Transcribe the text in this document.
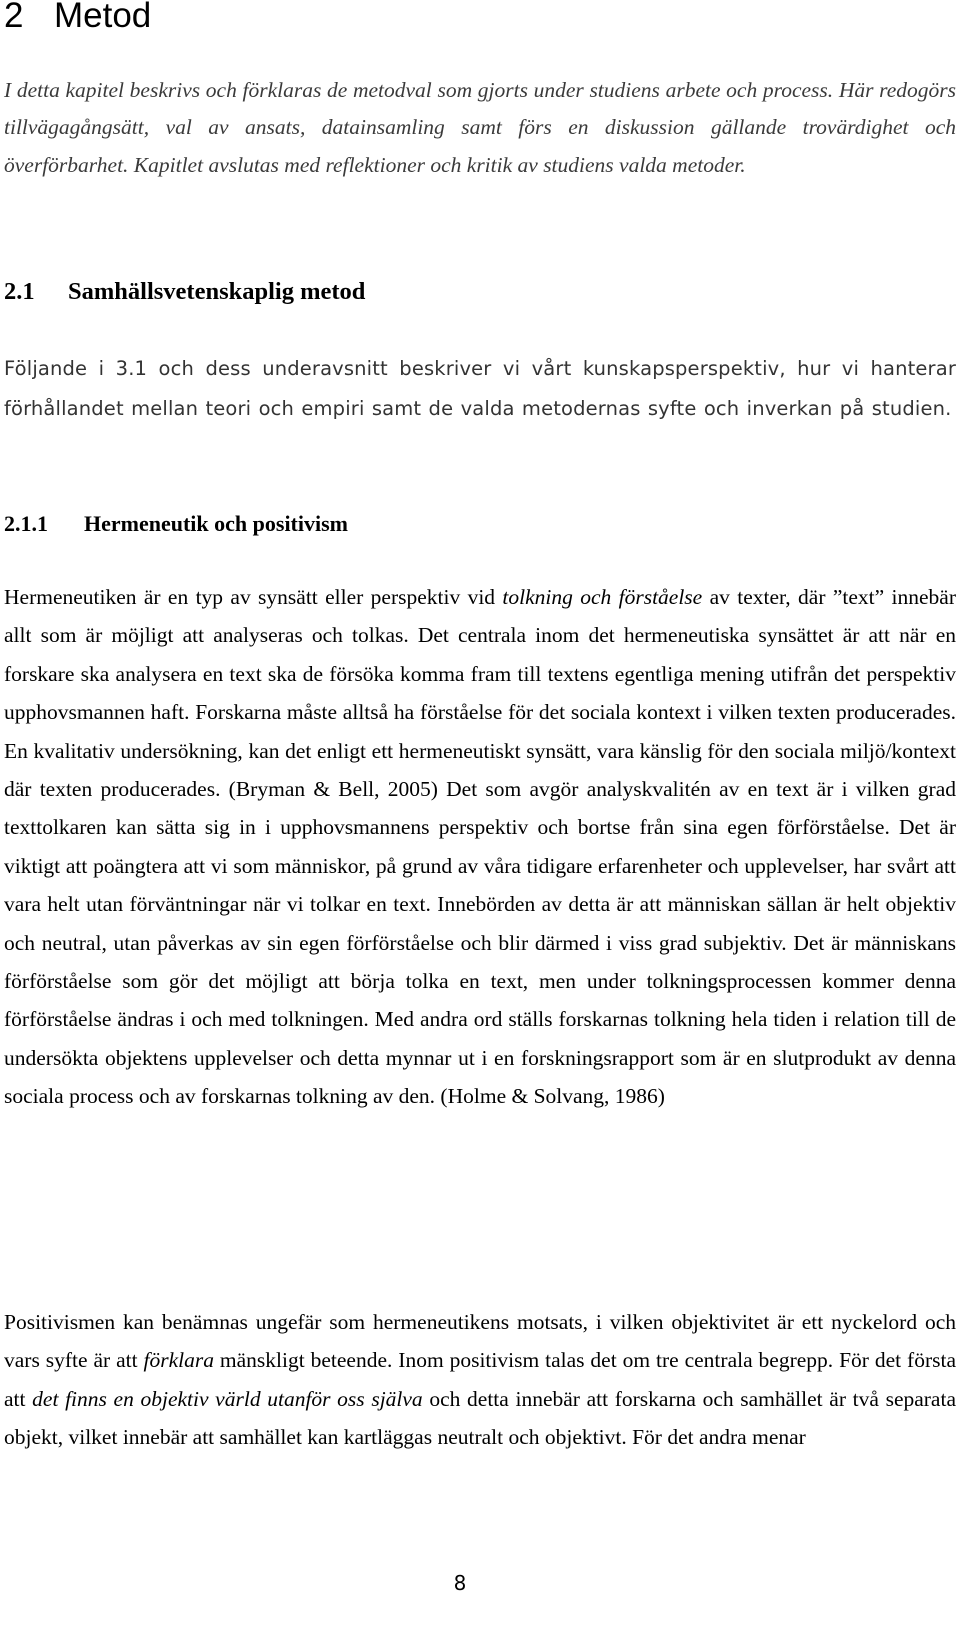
2 Metod

I detta kapitel beskrivs och förklaras de metodval som gjorts under studiens arbete och process. Här redogörs tillvägagångsätt, val av ansats, datainsamling samt förs en diskussion gällande trovärdighet och överförbarhet. Kapitlet avslutas med reflektioner och kritik av studiens valda metoder.

2.1 Samhällsvetenskaplig metod

Följande i 3.1 och dess underavsnitt beskriver vi vårt kunskapsperspektiv, hur vi hanterar förhållandet mellan teori och empiri samt de valda metodernas syfte och inverkan på studien.

2.1.1 Hermeneutik och positivism

Hermeneutiken är en typ av synsätt eller perspektiv vid tolkning och förståelse av texter, där ”text” innebär allt som är möjligt att analyseras och tolkas. Det centrala inom det hermeneutiska synsättet är att när en forskare ska analysera en text ska de försöka komma fram till textens egentliga mening utifrån det perspektiv upphovsmannen haft. Forskarna måste alltså ha förståelse för det sociala kontext i vilken texten producerades. En kvalitativ undersökning, kan det enligt ett hermeneutiskt synsätt, vara känslig för den sociala miljö/kontext där texten producerades. (Bryman & Bell, 2005) Det som avgör analyskvalitén av en text är i vilken grad texttolkaren kan sätta sig in i upphovsmannens perspektiv och bortse från sina egen förförståelse. Det är viktigt att poängtera att vi som människor, på grund av våra tidigare erfarenheter och upplevelser, har svårt att vara helt utan förväntningar när vi tolkar en text. Innebörden av detta är att människan sällan är helt objektiv och neutral, utan påverkas av sin egen förförståelse och blir därmed i viss grad subjektiv. Det är människans förförståelse som gör det möjligt att börja tolka en text, men under tolkningsprocessen kommer denna förförståelse ändras i och med tolkningen. Med andra ord ställs forskarnas tolkning hela tiden i relation till de undersökta objektens upplevelser och detta mynnar ut i en forskningsrapport som är en slutprodukt av denna sociala process och av forskarnas tolkning av den. (Holme & Solvang, 1986)

Positivismen kan benämnas ungefär som hermeneutikens motsats, i vilken objektivitet är ett nyckelord och vars syfte är att förklara mänskligt beteende. Inom positivism talas det om tre centrala begrepp. För det första att det finns en objektiv värld utanför oss själva och detta innebär att forskarna och samhället är två separata objekt, vilket innebär att samhället kan kartläggas neutralt och objektivt. För det andra menar

8
